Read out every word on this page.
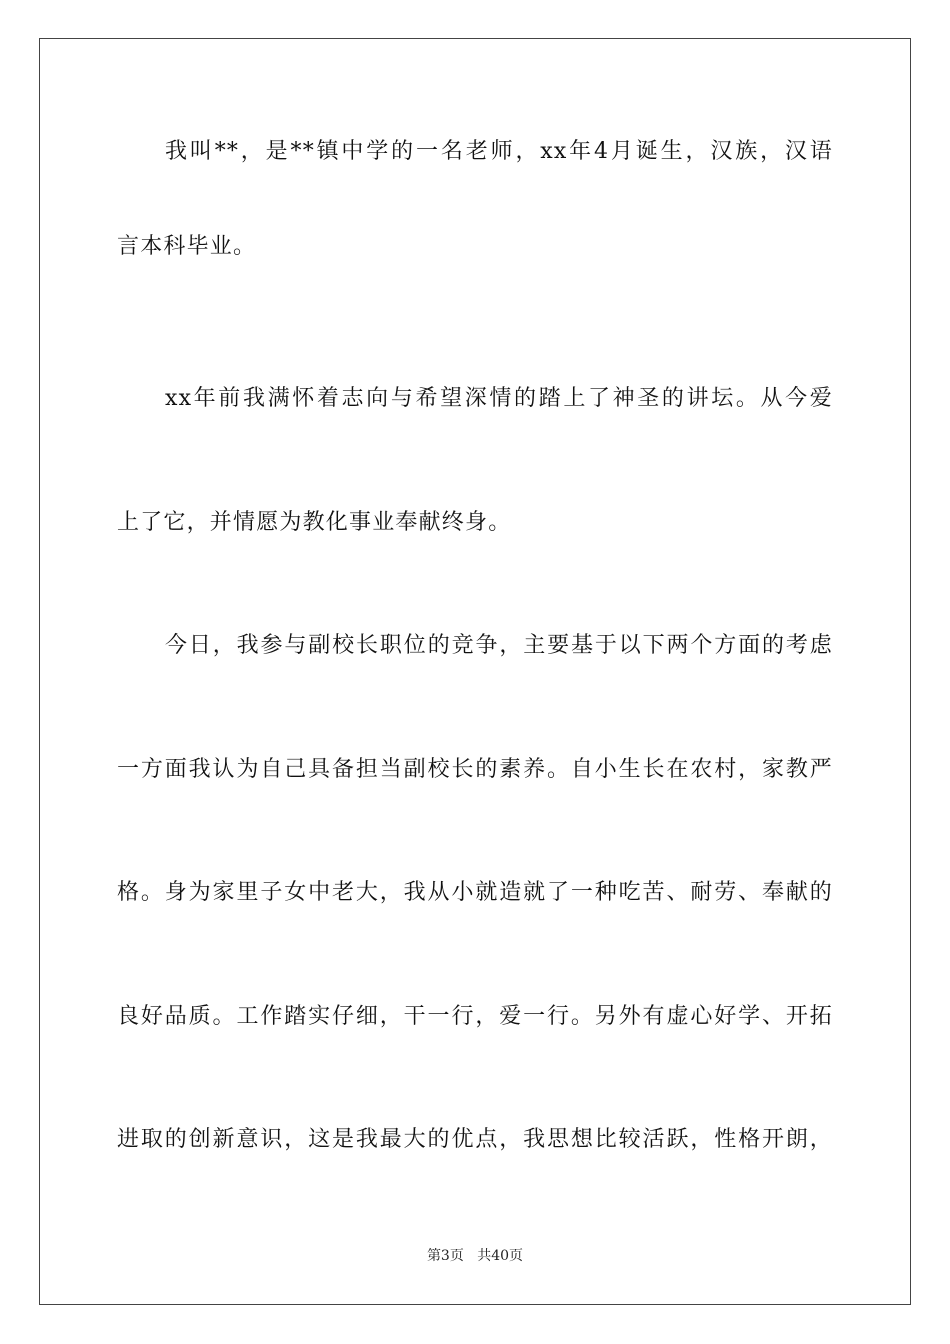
我叫**，是**镇中学的一名老师，xx年4月诞生，汉族，汉语
言本科毕业。
xx年前我满怀着志向与希望深情的踏上了神圣的讲坛。从今爱
上了它，并情愿为教化事业奉献终身。
今日，我参与副校长职位的竞争，主要基于以下两个方面的考虑
一方面我认为自己具备担当副校长的素养。自小生长在农村，家教严
格。身为家里子女中老大，我从小就造就了一种吃苦、耐劳、奉献的
良好品质。工作踏实仔细，干一行，爱一行。另外有虚心好学、开拓
进取的创新意识，这是我最大的优点，我思想比较活跃，性格开朗，
第3页 共40页
